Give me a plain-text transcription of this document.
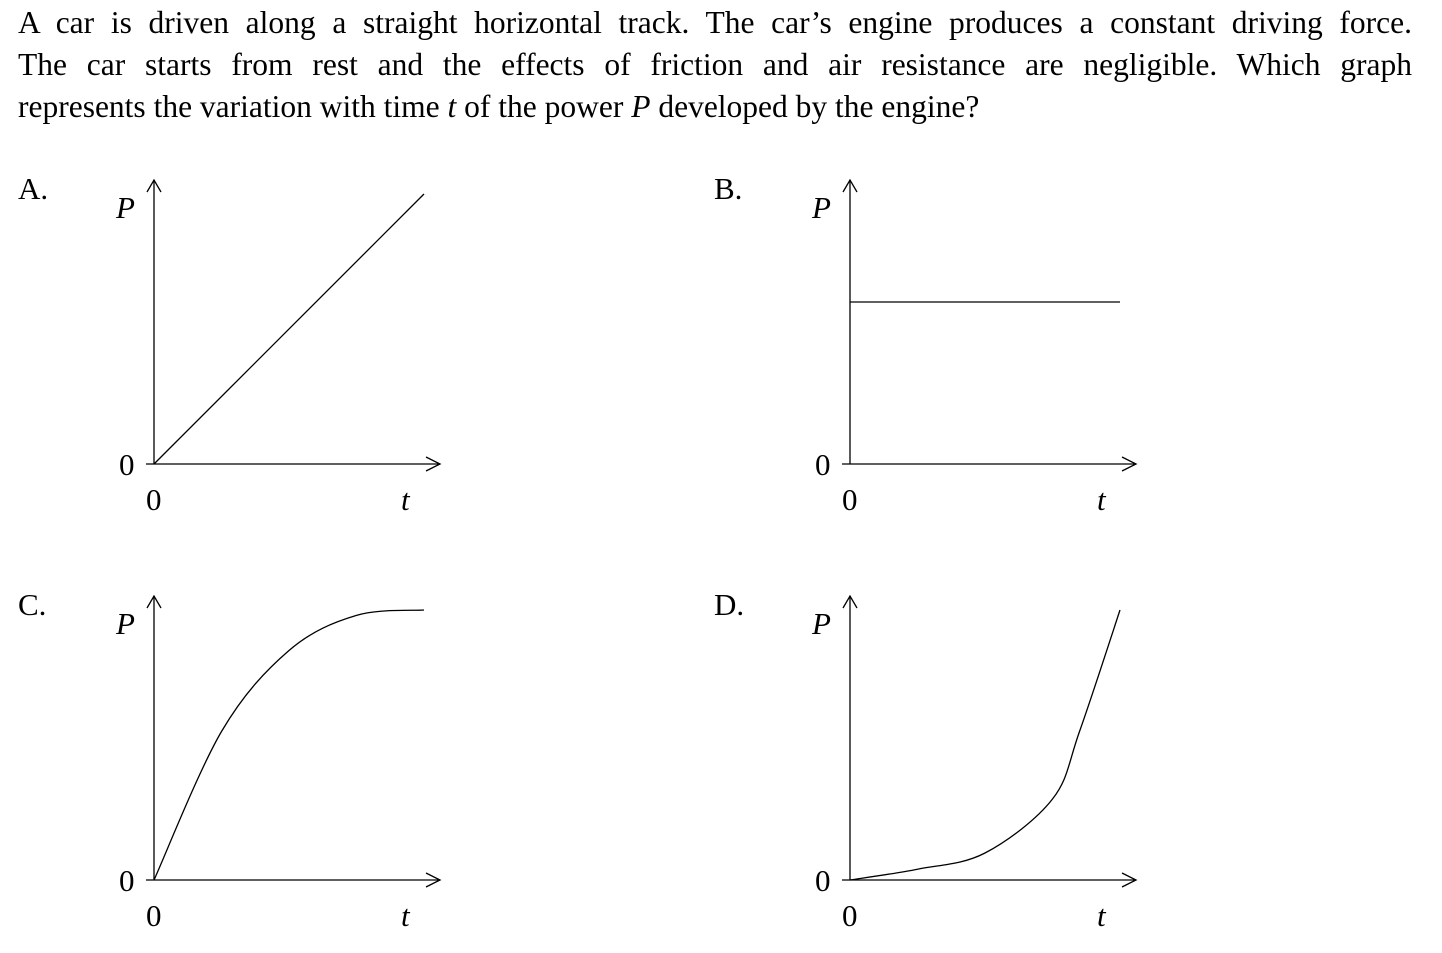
A car is driven along a straight horizontal track. The car’s engine produces a constant driving force.

The car starts from rest and the effects of friction and air resistance are negligible. Which graph

represents the variation with time t of the power P developed by the engine?

A.	B.
C.	D.
P
t
0
0
P
t
0
0
P
t
0
0
P
t
0
0
